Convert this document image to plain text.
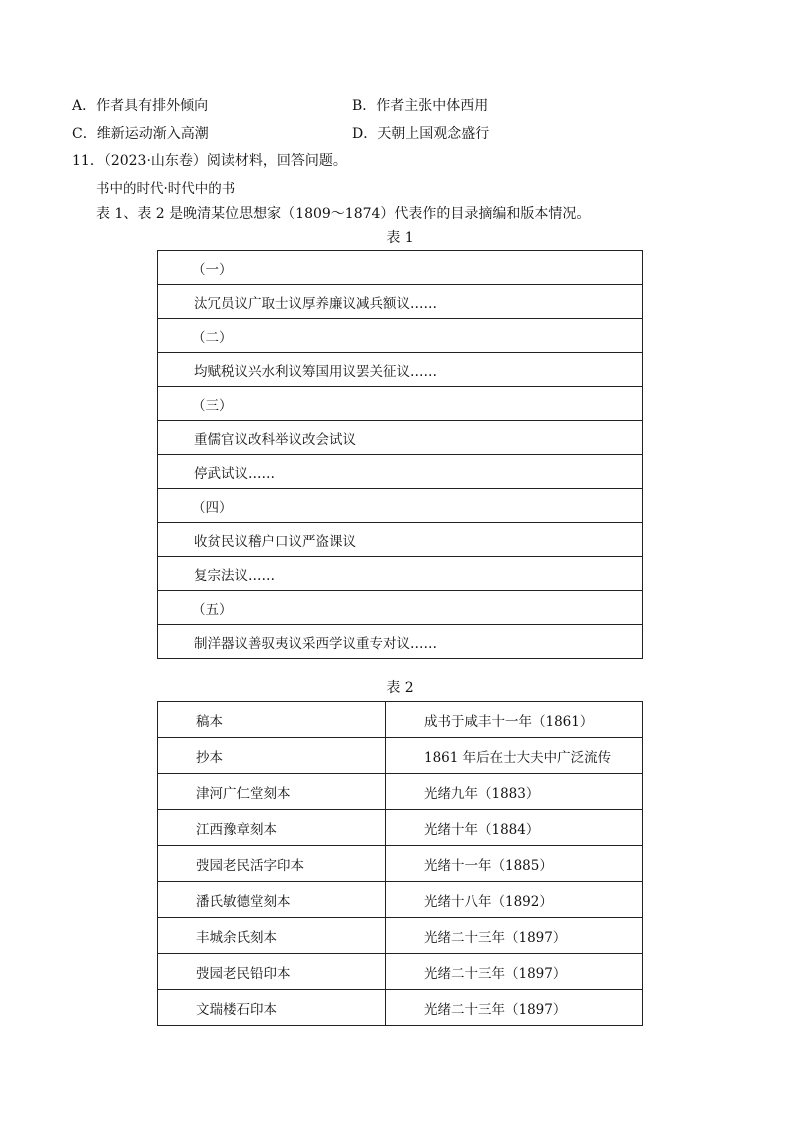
A．作者具有排外倾向	B．作者主张中体西用
C．维新运动渐入高潮	D．天朝上国观念盛行
11．（2023·山东卷）阅读材料，回答问题。
书中的时代·时代中的书
表 1、表 2 是晚清某位思想家（1809～1874）代表作的目录摘编和版本情况。
表 1
（一）
汰冗员议广取士议厚养廉议减兵额议……
（二）
均赋税议兴水利议筹国用议罢关征议……
（三）
重儒官议改科举议改会试议
停武试议……
（四）
收贫民议稽户口议严盗课议
复宗法议……
（五）
制洋器议善驭夷议采西学议重专对议……
表 2
稿本	成书于咸丰十一年（1861）
抄本	1861 年后在士大夫中广泛流传
津河广仁堂刻本	光绪九年（1883）
江西豫章刻本	光绪十年（1884）
弢园老民活字印本	光绪十一年（1885）
潘氏敏德堂刻本	光绪十八年（1892）
丰城余氏刻本	光绪二十三年（1897）
弢园老民铅印本	光绪二十三年（1897）
文瑞楼石印本	光绪二十三年（1897）
